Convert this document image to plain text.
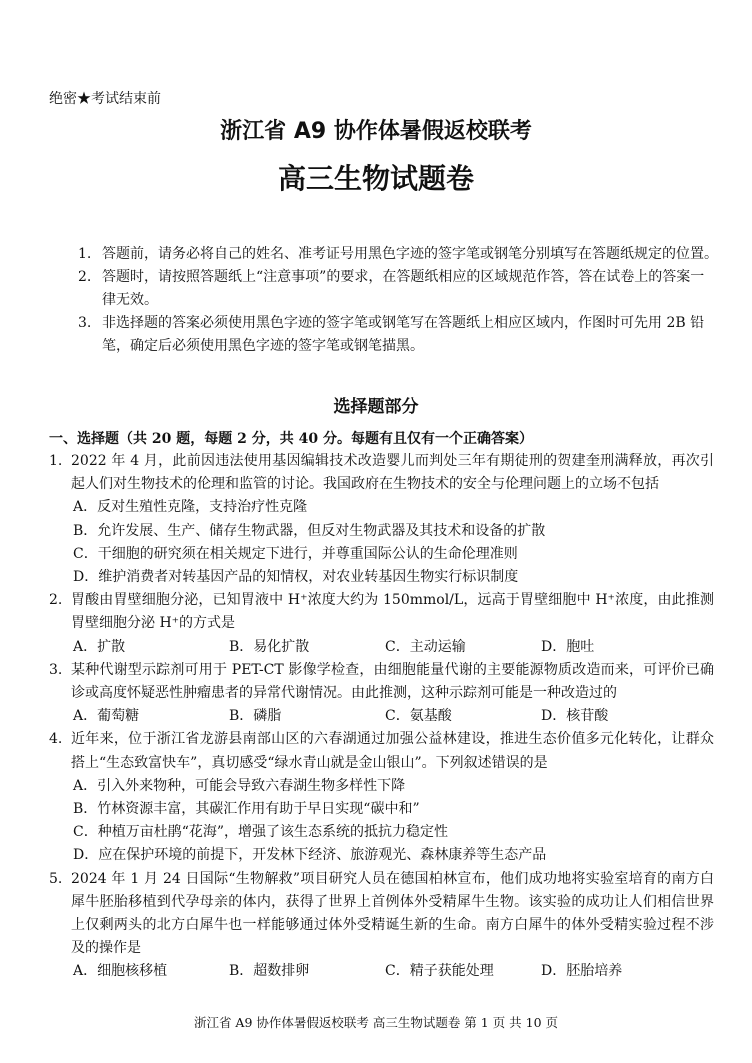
绝密★考试结束前
浙江省 A9 协作体暑假返校联考
高三生物试题卷
1. 答题前，请务必将自己的姓名、准考证号用黑色字迹的签字笔或钢笔分别填写在答题纸规定的位置。
2. 答题时，请按照答题纸上“注意事项”的要求，在答题纸相应的区域规范作答，答在试卷上的答案一律无效。
3. 非选择题的答案必须使用黑色字迹的签字笔或钢笔写在答题纸上相应区域内，作图时可先用 2B 铅笔，确定后必须使用黑色字迹的签字笔或钢笔描黑。
选择题部分
一、选择题（共 20 题，每题 2 分，共 40 分。每题有且仅有一个正确答案）
1. 2022 年 4 月，此前因违法使用基因编辑技术改造婴儿而判处三年有期徒刑的贺建奎刑满释放，再次引起人们对生物技术的伦理和监管的讨论。我国政府在生物技术的安全与伦理问题上的立场不包括
A．反对生殖性克隆，支持治疗性克隆
B．允许发展、生产、储存生物武器，但反对生物武器及其技术和设备的扩散
C．干细胞的研究须在相关规定下进行，并尊重国际公认的生命伦理准则
D．维护消费者对转基因产品的知情权，对农业转基因生物实行标识制度
2. 胃酸由胃壁细胞分泌，已知胃液中 H⁺浓度大约为 150mmol/L，远高于胃壁细胞中 H⁺浓度，由此推测胃壁细胞分泌 H⁺的方式是
A．扩散	B．易化扩散	C．主动运输	D．胞吐
3. 某种代谢型示踪剂可用于 PET-CT 影像学检查，由细胞能量代谢的主要能源物质改造而来，可评价已确诊或高度怀疑恶性肿瘤患者的异常代谢情况。由此推测，这种示踪剂可能是一种改造过的
A．葡萄糖	B．磷脂	C．氨基酸	D．核苷酸
4. 近年来，位于浙江省龙游县南部山区的六春湖通过加强公益林建设，推进生态价值多元化转化，让群众搭上“生态致富快车”，真切感受“绿水青山就是金山银山”。下列叙述错误的是
A．引入外来物种，可能会导致六春湖生物多样性下降
B．竹林资源丰富，其碳汇作用有助于早日实现“碳中和”
C．种植万亩杜鹃“花海”，增强了该生态系统的抵抗力稳定性
D．应在保护环境的前提下，开发林下经济、旅游观光、森林康养等生态产品
5. 2024 年 1 月 24 日国际“生物解救”项目研究人员在德国柏林宣布，他们成功地将实验室培育的南方白犀牛胚胎移植到代孕母亲的体内，获得了世界上首例体外受精犀牛生物。该实验的成功让人们相信世界上仅剩两头的北方白犀牛也一样能够通过体外受精诞生新的生命。南方白犀牛的体外受精实验过程不涉及的操作是
A．细胞核移植	B．超数排卵	C．精子获能处理	D．胚胎培养
浙江省 A9 协作体暑假返校联考 高三生物试题卷 第 1 页 共 10 页
